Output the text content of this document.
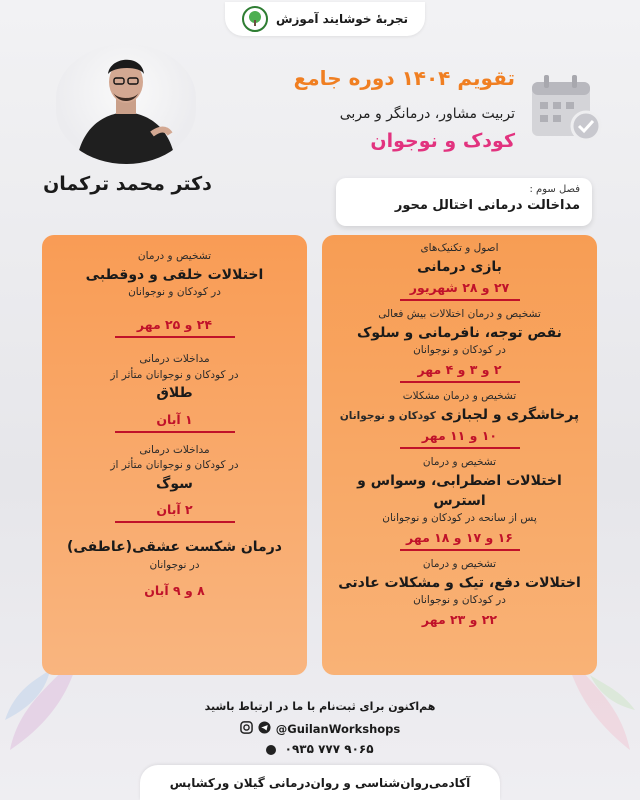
تجربهٔ خوشایند آموزش
دکتر محمد ترکمان
تقویم ۱۴۰۴ دوره جامع
تربیت مشاور، درمانگر و مربی
کودک و نوجوان
فصل سوم :
مداخالت درمانی اختالل محور
اصول و تکنیک‌های
بازی درمانی
۲۷ و ۲۸ شهریور
تشخیص و درمان اختلالات بیش فعالی
نقص توجه، نافرمانی و سلوک
در کودکان و نوجوانان
۲ و ۳ و ۴ مهر
تشخیص و درمان مشکلات
پرخاشگری و لجبازی کودکان و نوجوانان
۱۰ و ۱۱ مهر
تشخیص و درمان
اختلالات اضطرابی، وسواس و استرس
پس از سانحه در کودکان و نوجوانان
۱۶ و ۱۷ و ۱۸ مهر
تشخیص و درمان
اختلالات دفع، تیک و مشکلات عادتی
در کودکان و نوجوانان
۲۲ و ۲۳ مهر
تشخیص و درمان
اختلالات خلقی و دوقطبی
در کودکان و نوجوانان
۲۴ و ۲۵ مهر
مداخلات درمانی
در کودکان و نوجوانان متأثر از
طلاق
۱ آبان
مداخلات درمانی
در کودکان و نوجوانان متأثر از
سوگ
۲ آبان
درمان شکست عشقی(عاطفی)
در نوجوانان
۸ و ۹ آبان
هم‌اکنون برای ثبت‌نام با ما در ارتباط باشید
@GuilanWorkshops
۰۹۳۵ ۷۷۷ ۹۰۶۵
آکادمی‌روان‌شناسی و روان‌درمانی گیلان ورکشاپس
